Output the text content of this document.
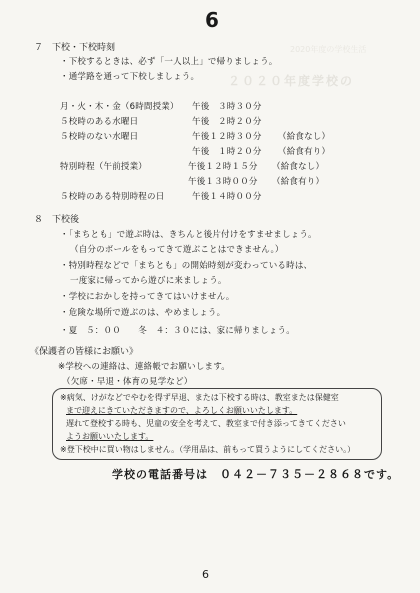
2020年度の学校生活
２０２０年度学校の
6
７　下校・下校時刻
・下校するときは、必ず「一人以上」で帰りましょう。
・通学路を通って下校しましょう。
月・火・木・金（6時間授業） 午後　３時３０分
５校時のある水曜日	午後　２時２０分
５校時のない水曜日	午後１２時３０分 （給食なし）
午後　１時２０分 （給食有り）
特別時程（午前授業）	午後１２時１５分 （給食なし）
午後１３時００分 （給食有り）
５校時のある特別時程の日	午後１４時００分
８　下校後
・「まちとも」で遊ぶ時は、きちんと後片付けをすませましょう。
（自分のボールをもってきて遊ぶことはできません。）
・特別時程などで「まちとも」の開始時刻が変わっている時は、
一度家に帰ってから遊びに来ましょう。
・学校におかしを持ってきてはいけません。
・危険な場所で遊ぶのは、やめましょう。
・夏　５：００　　冬　４：３０には、家に帰りましょう。
《保護者の皆様にお願い》
※学校への連絡は、連絡帳でお願いします。
（欠席・早退・体育の見学など）
※病気、けがなどでやむを得ず早退、または下校する時は、教室または保健室
まで迎えにきていただきますので、よろしくお願いいたします。
遅れて登校する時も、児童の安全を考えて、教室まで付き添ってきてください
ようお願いいたします。
※登下校中に買い物はしません。（学用品は、前もって買うようにしてください。）
学校の電話番号は　０４２－７３５－２８６８です。
6
